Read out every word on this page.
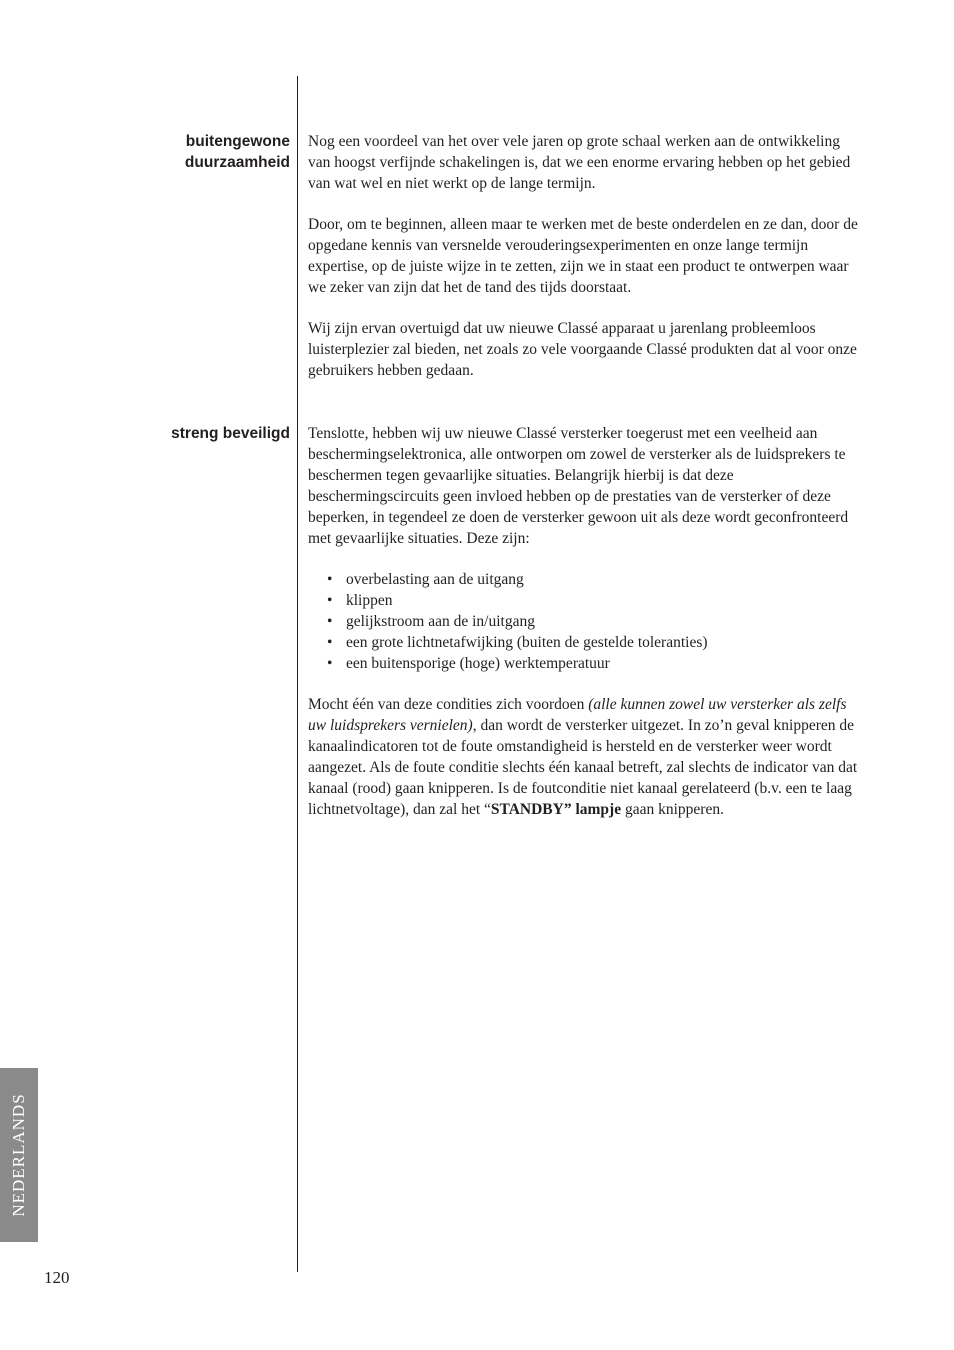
buitengewone
duurzaamheid

Nog een voordeel van het over vele jaren op grote schaal werken aan de ontwikkeling van hoogst verfijnde schakelingen is, dat we een enorme ervaring hebben op het gebied van wat wel en niet werkt op de lange termijn.

Door, om te beginnen, alleen maar te werken met de beste onderdelen en ze dan, door de opgedane kennis van versnelde verouderingsexperimenten en onze lange termijn expertise, op de juiste wijze in te zetten, zijn we in staat een product te ontwerpen waar we zeker van zijn dat het de tand des tijds doorstaat.

Wij zijn ervan overtuigd dat uw nieuwe Classé apparaat u jarenlang probleemloos luisterplezier zal bieden, net zoals zo vele voorgaande Classé produkten dat al voor onze gebruikers hebben gedaan.

streng beveiligd Tenslotte, hebben wij uw nieuwe Classé versterker toegerust met een veelheid aan beschermingselektronica, alle ontworpen om zowel de versterker als de luidsprekers te beschermen tegen gevaarlijke situaties. Belangrijk hierbij is dat deze beschermingscircuits geen invloed hebben op de prestaties van de versterker of deze beperken, in tegendeel ze doen de versterker gewoon uit als deze wordt geconfronteerd met gevaarlijke situaties. Deze zijn:

• overbelasting aan de uitgang
• klippen
• gelijkstroom aan de in/uitgang
• een grote lichtnetafwijking (buiten de gestelde toleranties)
• een buitensporige (hoge) werktemperatuur

Mocht één van deze condities zich voordoen (alle kunnen zowel uw versterker als zelfs uw luidsprekers vernielen), dan wordt de versterker uitgezet. In zo’n geval knipperen de kanaalindicatoren tot de foute omstandigheid is hersteld en de versterker weer wordt aangezet. Als de foute conditie slechts één kanaal betreft, zal slechts de indicator van dat kanaal (rood) gaan knipperen. Is de foutconditie niet kanaal gerelateerd (b.v. een te laag lichtnetvoltage), dan zal het “STANDBY” lampje gaan knipperen.

NEDERLANDS
120
